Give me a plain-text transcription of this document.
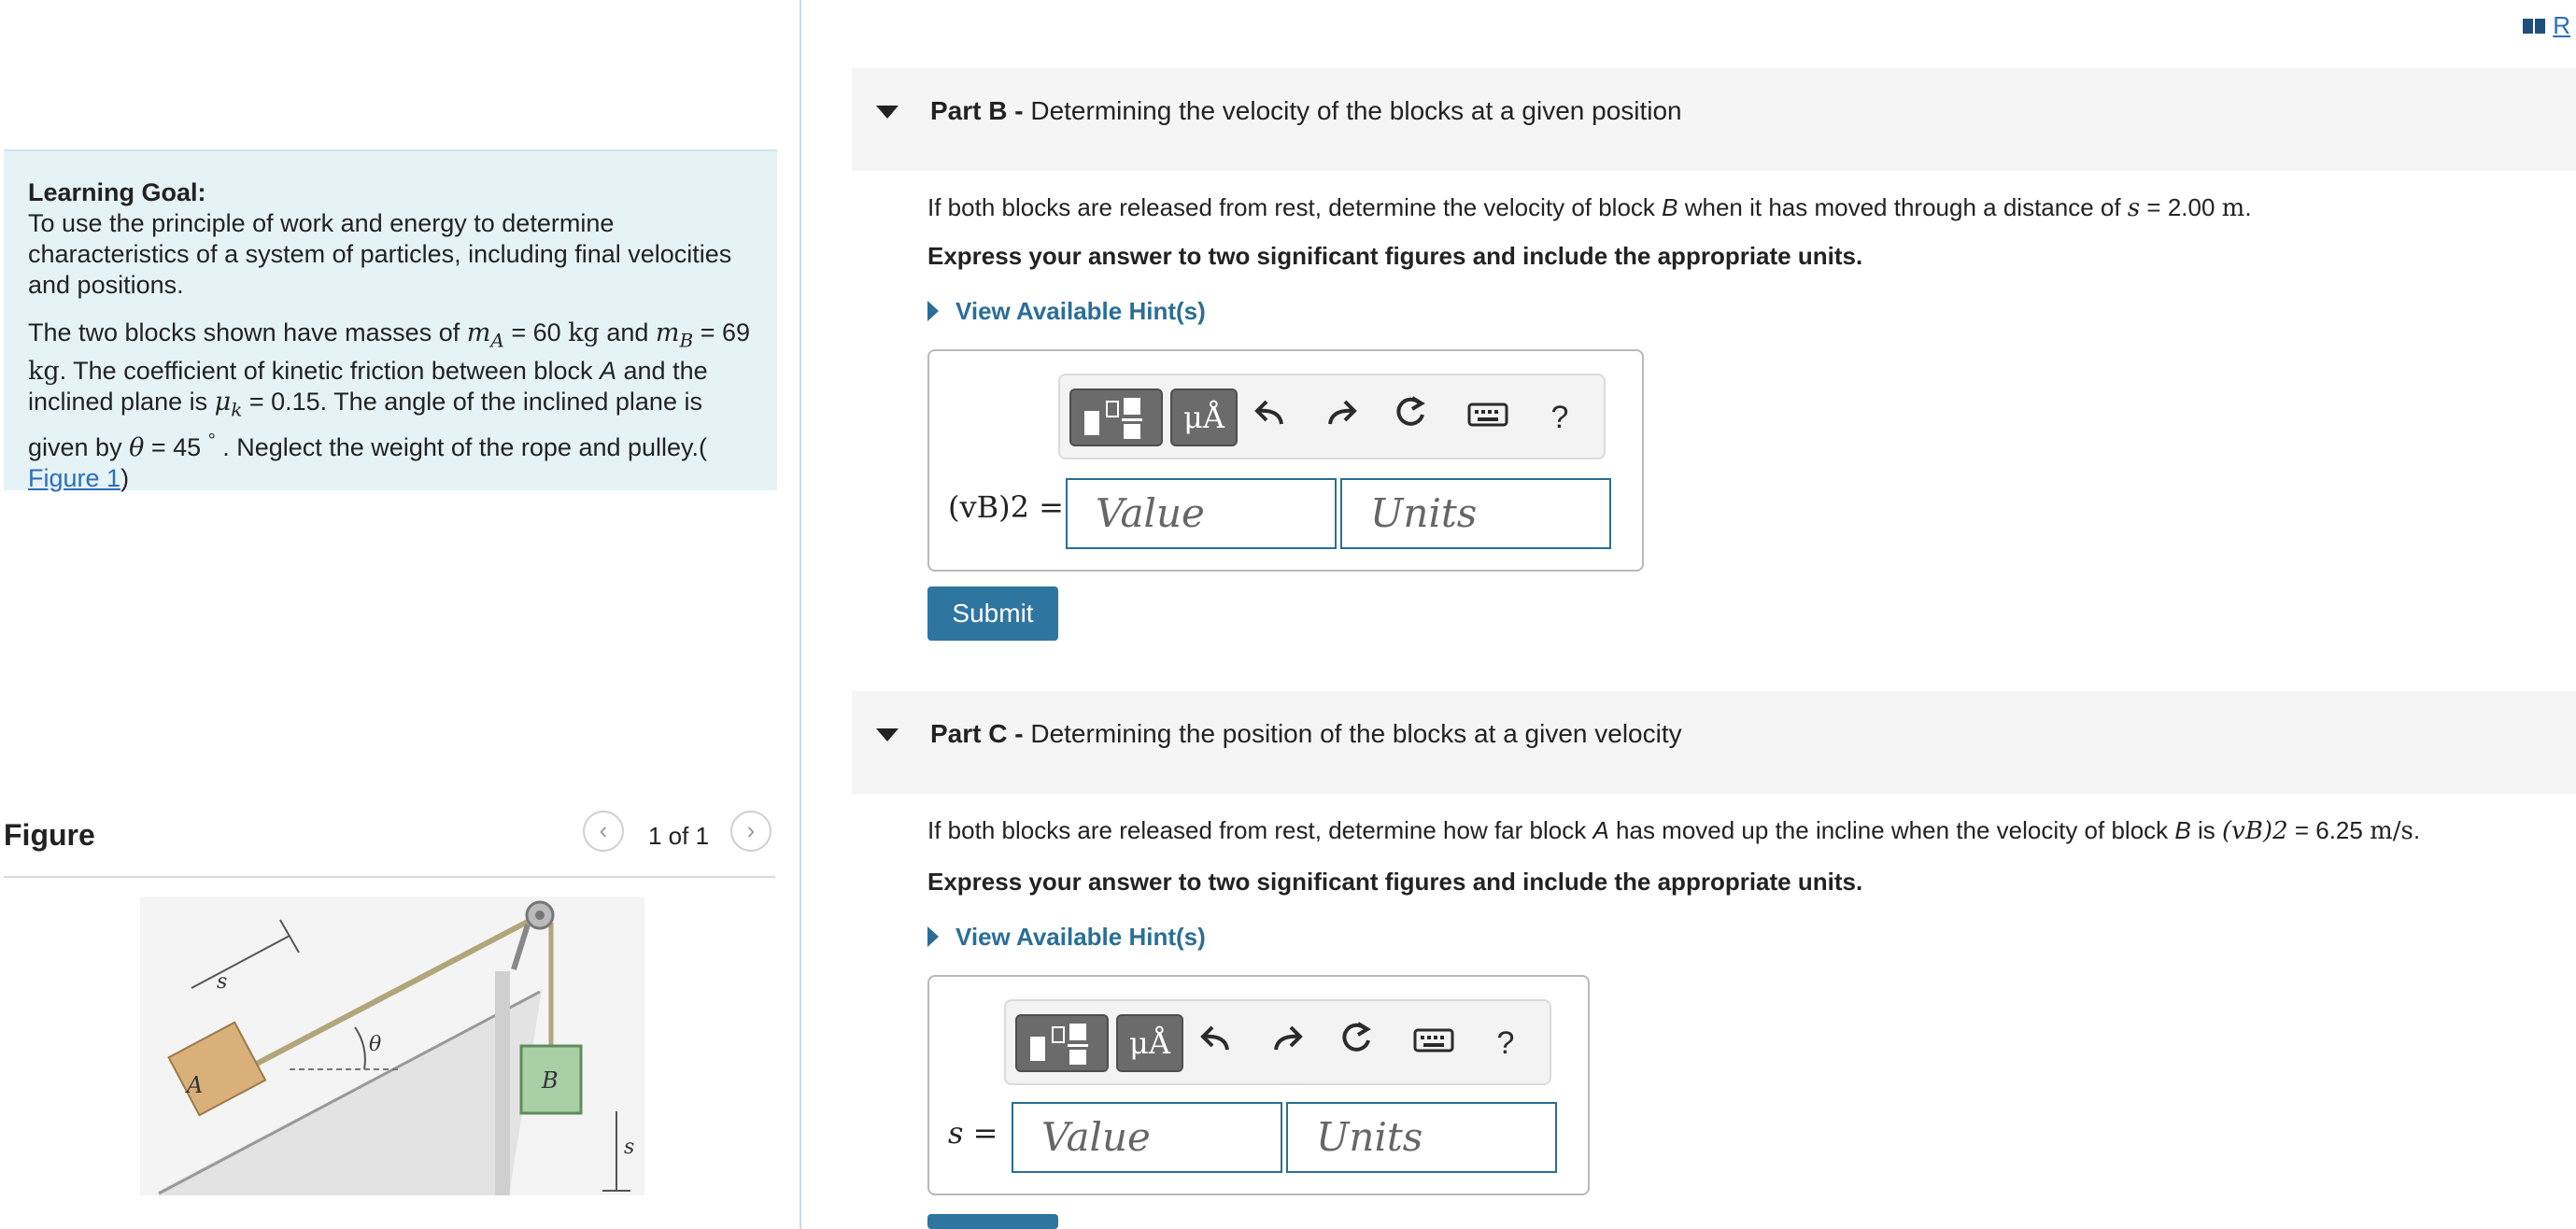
R

Learning Goal:
To use the principle of work and energy to determine characteristics of a system of particles, including final velocities and positions.

The two blocks shown have masses of $m_A = 60$ kg and $m_B = 69$ kg. The coefficient of kinetic friction between block A and the inclined plane is $\mu_k = 0.15$. The angle of the inclined plane is given by θ = 45 ° . Neglect the weight of the rope and pulley.(
Figure 1)

Figure	‹	1 of 1	›
A	B
θ
s
s
Part B - Determining the velocity of the blocks at a given position
If both blocks are released from rest, determine the velocity of block B when it has moved through a distance of s = 2.00 m.
Express your answer to two significant figures and include the appropriate units.
View Available Hint(s)
μÅ	?
(vB)2 = Value	Units
Submit
Part C - Determining the position of the blocks at a given velocity
If both blocks are released from rest, determine how far block A has moved up the incline when the velocity of block B is (vB)2 = 6.25 m/s.
Express your answer to two significant figures and include the appropriate units.
View Available Hint(s)
μÅ	?
s =	Value	Units
